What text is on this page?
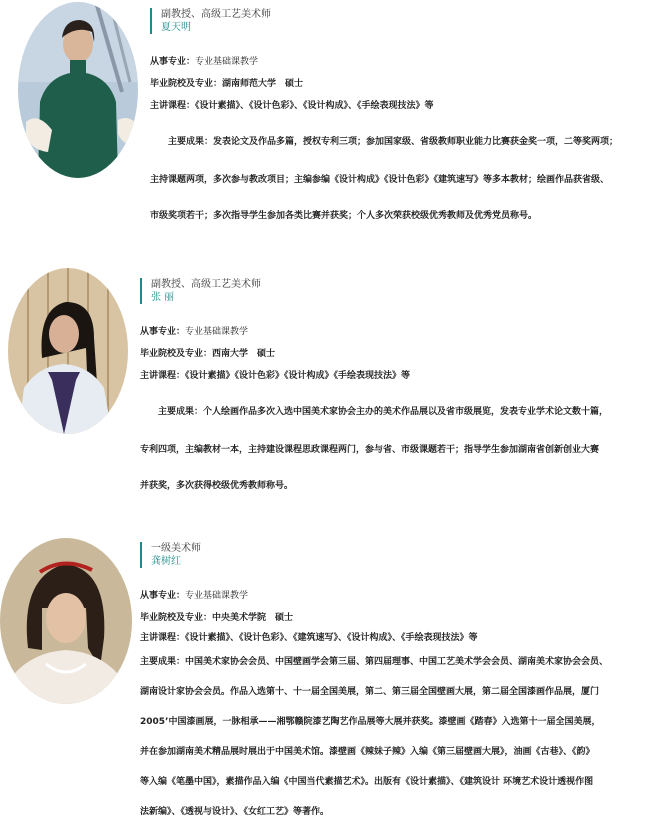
副教授、高级工艺美术师
夏天明
从事专业：专业基础课教学
毕业院校及专业：湖南师范大学　硕士
主讲课程：《设计素描》、《设计色彩》、《设计构成》、《手绘表现技法》等
主要成果：发表论文及作品多篇，授权专利三项；参加国家级、省级教师职业能力比赛获金奖一项，二等奖两项；
主持课题两项，多次参与教改项目；主编参编《设计构成》《设计色彩》《建筑速写》等多本教材；绘画作品获省级、
市级奖项若干；多次指导学生参加各类比赛并获奖；个人多次荣获校级优秀教师及优秀党员称号。
副教授、高级工艺美术师
张 丽
从事专业：专业基础课教学
毕业院校及专业：西南大学　硕士
主讲课程：《设计素描》《设计色彩》《设计构成》《手绘表现技法》等
主要成果：个人绘画作品多次入选中国美术家协会主办的美术作品展以及省市级展览，发表专业学术论文数十篇，
专利四项，主编教材一本，主持建设课程思政课程两门，参与省、市级课题若干；指导学生参加湖南省创新创业大赛
并获奖，多次获得校级优秀教师称号。
一级美术师
龚树红
从事专业：专业基础课教学
毕业院校及专业：中央美术学院　硕士
主讲课程：《设计素描》、《设计色彩》、《建筑速写》、《设计构成》、《手绘表现技法》等
主要成果：中国美术家协会会员、中国壁画学会第三届、第四届理事、中国工艺美术学会会员、湖南美术家协会会员、
湖南设计家协会会员。作品入选第十、十一届全国美展，第二、第三届全国壁画大展，第二届全国漆画作品展，厦门
2005’中国漆画展，一脉相承——湘鄂赣院漆艺陶艺作品展等大展并获奖。漆壁画《踏春》入选第十一届全国美展，
并在参加湖南美术精品展时展出于中国美术馆。漆壁画《辣妹子辣》入编《第三届壁画大展》，油画《古巷》、《韵》
等入编《笔墨中国》，素描作品入编《中国当代素描艺术》。出版有《设计素描》、《建筑设计 环境艺术设计透视作图
法新编》、《透视与设计》、《女红工艺》等著作。
